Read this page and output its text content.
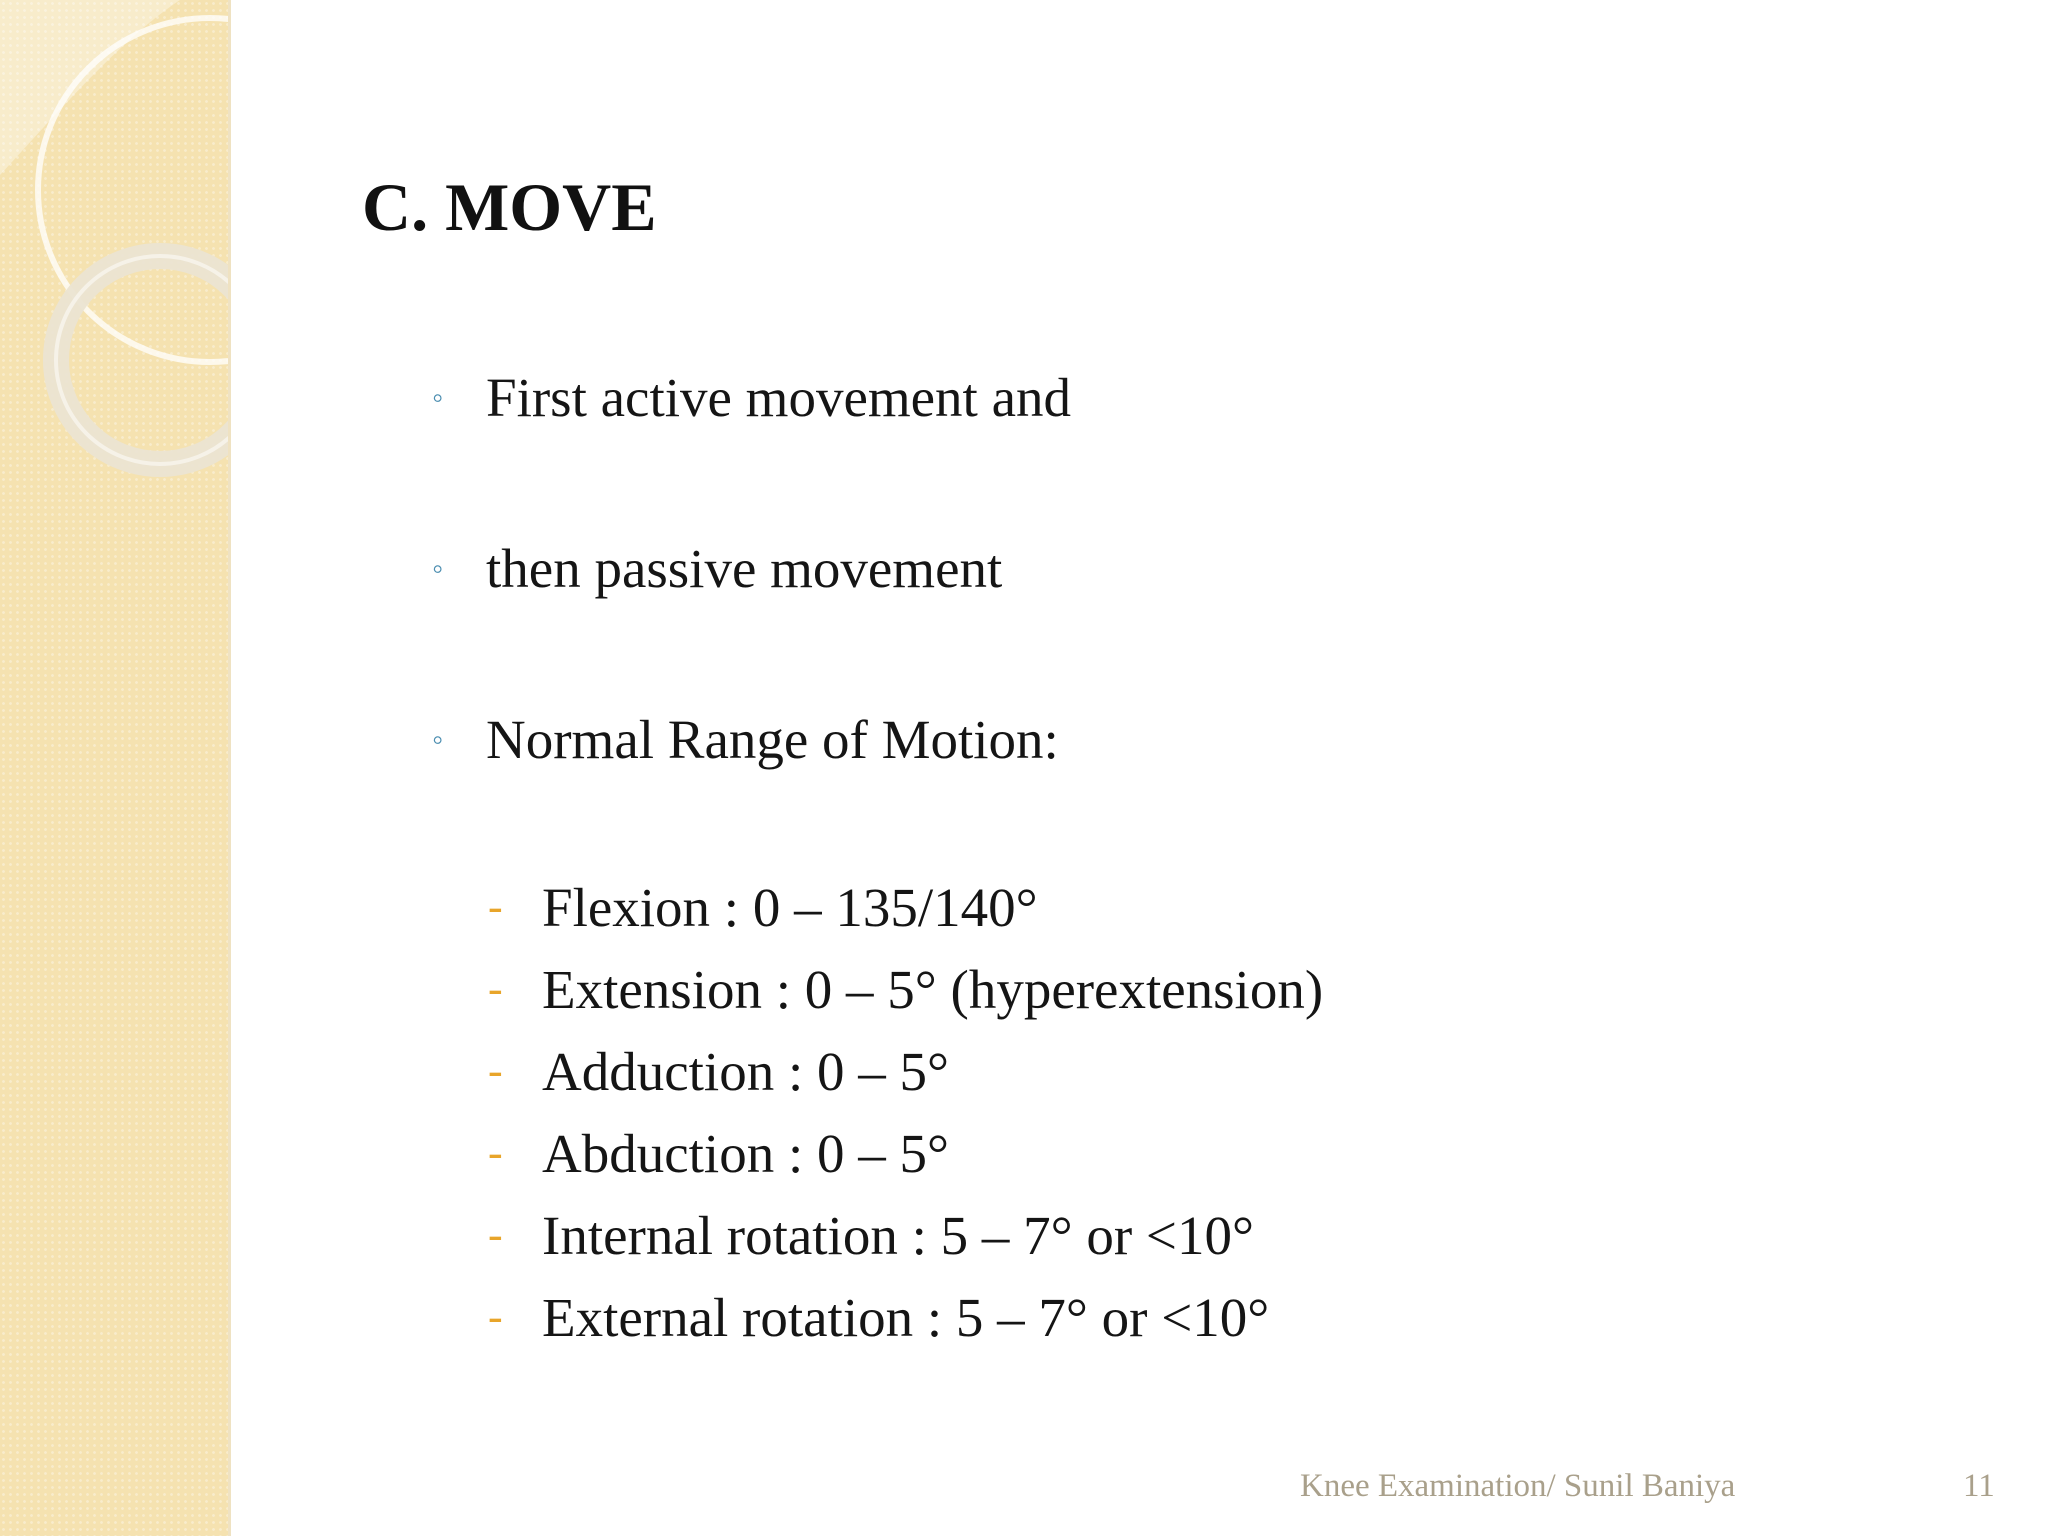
C. MOVE
◦ First active movement and
◦ then passive movement
◦ Normal Range of Motion:
- Flexion : 0 – 135/140°
- Extension : 0 – 5° (hyperextension)
- Adduction : 0 – 5°
- Abduction : 0 – 5°
- Internal rotation : 5 – 7° or <10°
- External rotation : 5 – 7° or <10°
Knee Examination/ Sunil Baniya	11
